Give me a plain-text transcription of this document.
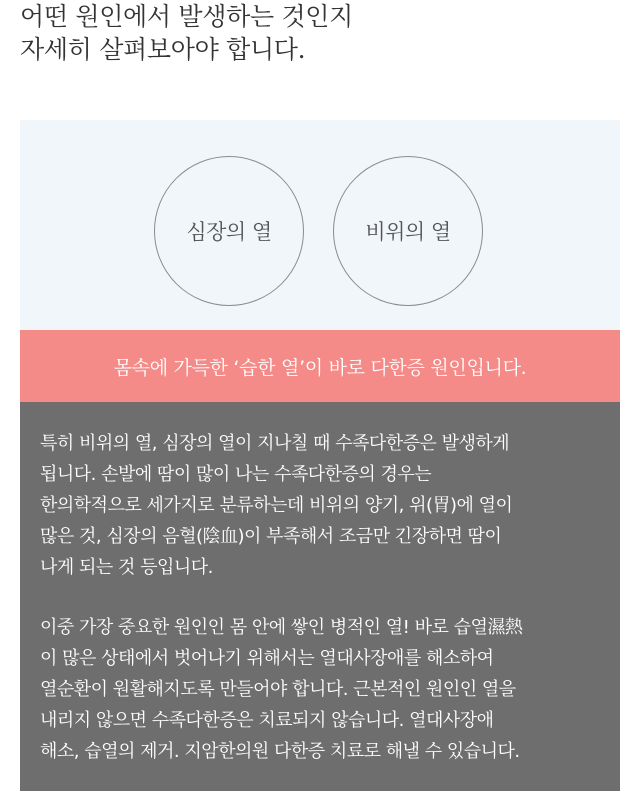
어떤 원인에서 발생하는 것인지
자세히 살펴보아야 합니다.
심장의 열	비위의 열
몸속에 가득한 ‘습한 열’이 바로 다한증 원인입니다.
특히 비위의 열, 심장의 열이 지나칠 때 수족다한증은 발생하게
됩니다. 손발에 땀이 많이 나는 수족다한증의 경우는
한의학적으로 세가지로 분류하는데 비위의 양기, 위(胃)에 열이
많은 것, 심장의 음혈(陰血)이 부족해서 조금만 긴장하면 땀이
나게 되는 것 등입니다.
이중 가장 중요한 원인인 몸 안에 쌓인 병적인 열! 바로 습열濕熱
이 많은 상태에서 벗어나기 위해서는 열대사장애를 해소하여
열순환이 원활해지도록 만들어야 합니다. 근본적인 원인인 열을
내리지 않으면 수족다한증은 치료되지 않습니다. 열대사장애
해소, 습열의 제거. 지암한의원 다한증 치료로 해낼 수 있습니다.
